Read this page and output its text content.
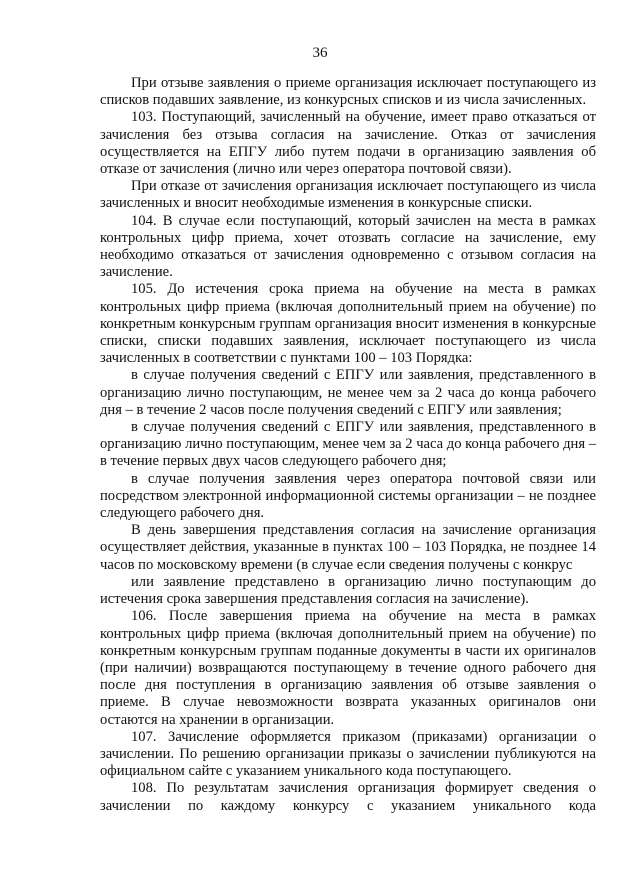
36

При отзыве заявления о приеме организация исключает поступающего из списков подавших заявление, из конкурсных списков и из числа зачисленных.

103. Поступающий, зачисленный на обучение, имеет право отказаться от зачисления без отзыва согласия на зачисление. Отказ от зачисления осуществляется на ЕПГУ либо путем подачи в организацию заявления об отказе от зачисления (лично или через оператора почтовой связи).

При отказе от зачисления организация исключает поступающего из числа зачисленных и вносит необходимые изменения в конкурсные списки.

104. В случае если поступающий, который зачислен на места в рамках контрольных цифр приема, хочет отозвать согласие на зачисление, ему необходимо отказаться от зачисления одновременно с отзывом согласия на зачисление.

105. До истечения срока приема на обучение на места в рамках контрольных цифр приема (включая дополнительный прием на обучение) по конкретным конкурсным группам организация вносит изменения в конкурсные списки, списки подавших заявления, исключает поступающего из числа зачисленных в соответствии с пунктами 100 – 103 Порядка:

в случае получения сведений с ЕПГУ или заявления, представленного в организацию лично поступающим, не менее чем за 2 часа до конца рабочего дня – в течение 2 часов после получения сведений с ЕПГУ или заявления;

в случае получения сведений с ЕПГУ или заявления, представленного в организацию лично поступающим, менее чем за 2 часа до конца рабочего дня – в течение первых двух часов следующего рабочего дня;

в случае получения заявления через оператора почтовой связи или посредством электронной информационной системы организации – не позднее следующего рабочего дня.

В день завершения представления согласия на зачисление организация осуществляет действия, указанные в пунктах 100 – 103 Порядка, не позднее 14 часов по московскому времени (в случае если сведения получены с конкрус

или заявление представлено в организацию лично поступающим до истечения срока завершения представления согласия на зачисление).

106. После завершения приема на обучение на места в рамках контрольных цифр приема (включая дополнительный прием на обучение) по конкретным конкурсным группам поданные документы в части их оригиналов (при наличии) возвращаются поступающему в течение одного рабочего дня после дня поступления в организацию заявления об отзыве заявления о приеме. В случае невозможности возврата указанных оригиналов они остаются на хранении в организации.

107. Зачисление оформляется приказом (приказами) организации о зачислении. По решению организации приказы о зачислении публикуются на официальном сайте с указанием уникального кода поступающего.

108. По результатам зачисления организация формирует сведения о зачислении по каждому конкурсу с указанием уникального кода
